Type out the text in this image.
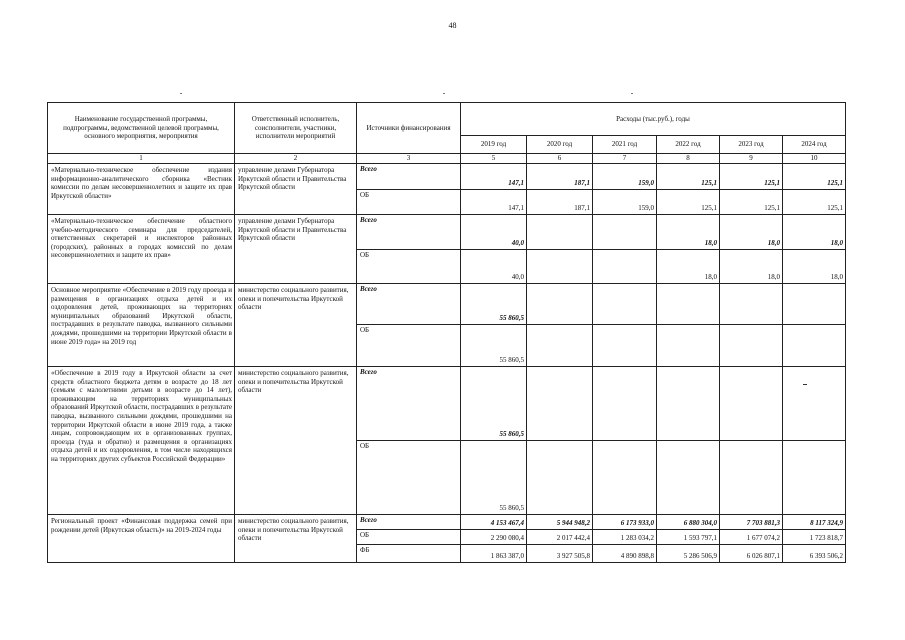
48
Наименование государственной программы, подпрограммы, ведомственной целевой программы, основного мероприятия, мероприятия	Ответственный исполнитель, соисполнители, участники, исполнители мероприятий	Источники финансирования	Расходы (тыс.руб.), годы					
			2019 год	2020 год	2021 год	2022 год	2023 год	2024 год
1	2	3	5	6	7	8	9	10
«Материально-техническое обеспечение издания информационно-аналитического сборника «Вестник комиссии по делам несовершеннолетних и защите их прав Иркутской области»	управление делами Губернатора Иркутской области и Правительства Иркутской области	Всего	147,1	187,1	159,0	125,1	125,1	125,1
		ОБ	147,1	187,1	159,0	125,1	125,1	125,1
«Материально-техническое обеспечение областного учебно-методического семинара для председателей, ответственных секретарей и инспекторов районных (городских), районных в городах комиссий по делам несовершеннолетних и защите их прав»	управление делами Губернатора Иркутской области и Правительства Иркутской области	Всего	40,0			18,0	18,0	18,0
		ОБ	40,0			18,0	18,0	18,0
Основное мероприятие «Обеспечение в 2019 году проезда и размещения в организациях отдыха детей и их оздоровления детей, проживающих на территориях муниципальных образований Иркутской области, пострадавших в результате паводка, вызванного сильными дождями, прошедшими на территории Иркутской области в июне 2019 года» на 2019 год	министерство социального развития, опеки и попечительства Иркутской области	Всего	55 860,5					
		ОБ	55 860,5					
«Обеспечение в 2019 году в Иркутской области за счет средств областного бюджета детям в возрасте до 18 лет (семьям с малолетними детьми в возрасте до 14 лет), проживающим на территориях муниципальных образований Иркутской области, пострадавших в результате паводка, вызванного сильными дождями, прошедшими на территории Иркутской области в июне 2019 года, а также лицам, сопровождающим их в организованных группах, проезда (туда и обратно) и размещения в организациях отдыха детей и их оздоровления, в том числе находящихся на территориях других субъектов Российской Федерации»	министерство социального развития, опеки и попечительства Иркутской области	Всего	55 860,5					
		ОБ	55 860,5					
Региональный проект «Финансовая поддержка семей при рождении детей (Иркутская область)» на 2019-2024 годы	министерство социального развития, опеки и попечительства Иркутской области	Всего	4 153 467,4	5 944 948,2	6 173 933,0	6 880 304,0	7 703 881,3	8 117 324,9
		ОБ	2 290 080,4	2 017 442,4	1 283 034,2	1 593 797,1	1 677 074,2	1 723 818,7
		ФБ	1 863 387,0	3 927 505,8	4 890 898,8	5 286 506,9	6 026 807,1	6 393 506,2
